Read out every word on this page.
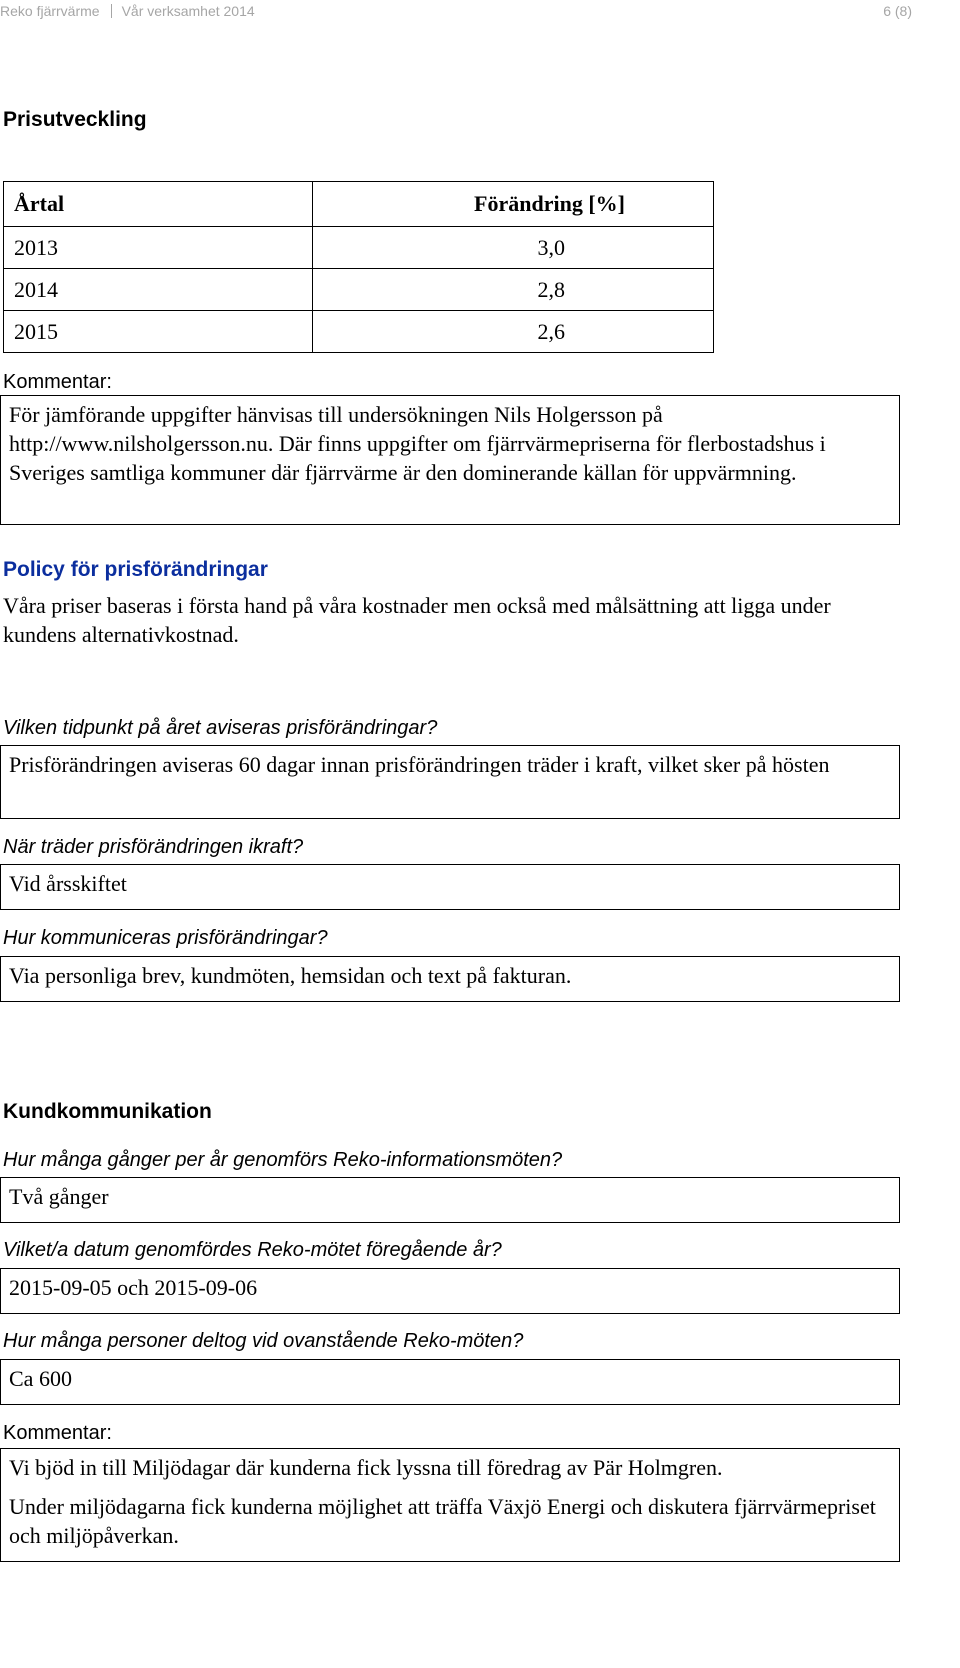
Reko fjärrvärme Vår verksamhet 2014	6 (8)
Prisutveckling
Årtal	Förändring [%]
2013	3,0
2014	2,8
2015	2,6
Kommentar:

För jämförande uppgifter hänvisas till undersökningen Nils Holgersson på http://www.nilsholgersson.nu. Där finns uppgifter om fjärrvärmepriserna för flerbostadshus i Sveriges samtliga kommuner där fjärrvärme är den dominerande källan för uppvärmning.

Policy för prisförändringar
Våra priser baseras i första hand på våra kostnader men också med målsättning att ligga under kundens alternativkostnad.
Vilken tidpunkt på året aviseras prisförändringar?

Prisförändringen aviseras 60 dagar innan prisförändringen träder i kraft, vilket sker på hösten

När träder prisförändringen ikraft?

Vid årsskiftet

Hur kommuniceras prisförändringar?

Via personliga brev, kundmöten, hemsidan och text på fakturan.

Kundkommunikation
Hur många gånger per år genomförs Reko-informationsmöten?

Två gånger

Vilket/a datum genomfördes Reko-mötet föregående år?

2015-09-05 och 2015-09-06

Hur många personer deltog vid ovanstående Reko-möten?

Ca 600

Kommentar:

Vi bjöd in till Miljödagar där kunderna fick lyssna till föredrag av Pär Holmgren.

Under miljödagarna fick kunderna möjlighet att träffa Växjö Energi och diskutera fjärrvärmepriset och miljöpåverkan.
